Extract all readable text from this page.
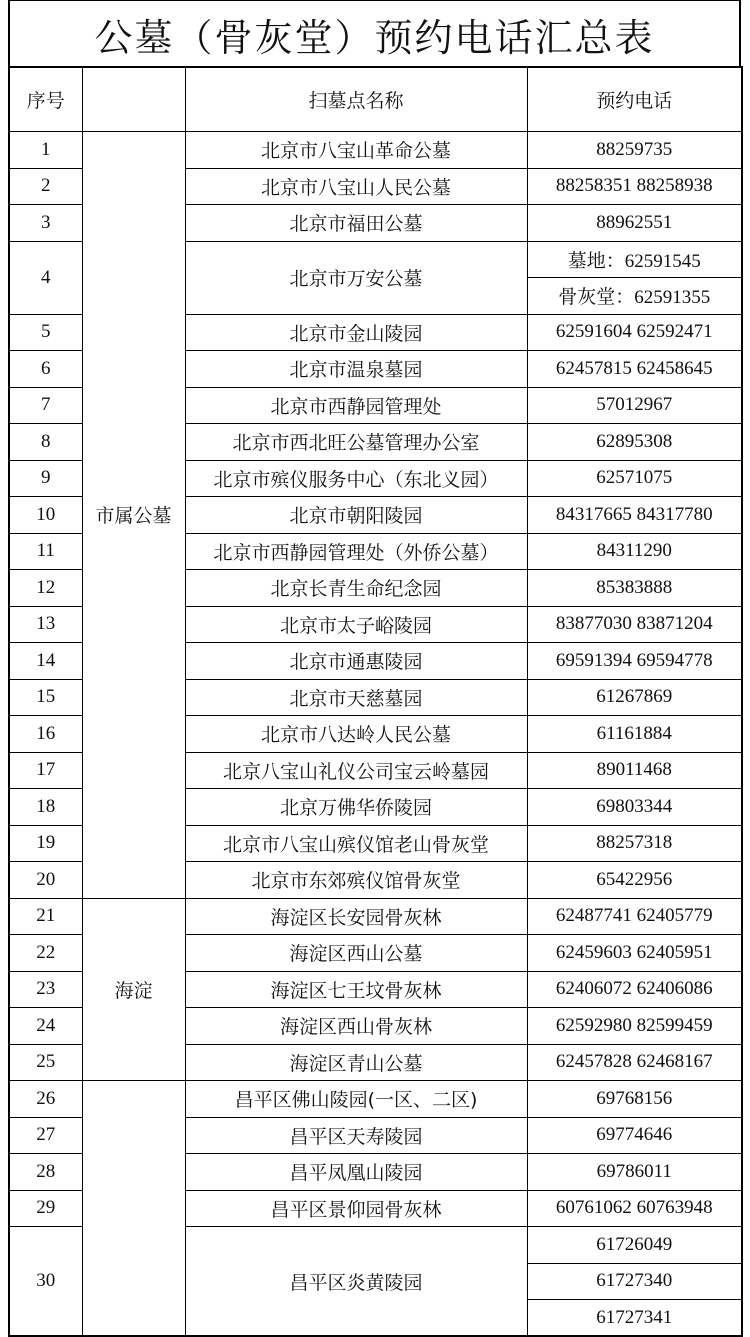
公墓（骨灰堂）预约电话汇总表
序号		扫墓点名称	预约电话
1	市属公墓	北京市八宝山革命公墓	88259735
2		北京市八宝山人民公墓	88258351 88258938
3		北京市福田公墓	88962551
4		北京市万安公墓	墓地：62591545
			骨灰堂：62591355
5		北京市金山陵园	62591604 62592471
6		北京市温泉墓园	62457815 62458645
7		北京市西静园管理处	57012967
8		北京市西北旺公墓管理办公室	62895308
9		北京市殡仪服务中心（东北义园）	62571075
10		北京市朝阳陵园	84317665 84317780
11		北京市西静园管理处（外侨公墓）	84311290
12		北京长青生命纪念园	85383888
13		北京市太子峪陵园	83877030 83871204
14		北京市通惠陵园	69591394 69594778
15		北京市天慈墓园	61267869
16		北京市八达岭人民公墓	61161884
17		北京八宝山礼仪公司宝云岭墓园	89011468
18		北京万佛华侨陵园	69803344
19		北京市八宝山殡仪馆老山骨灰堂	88257318
20		北京市东郊殡仪馆骨灰堂	65422956
21	海淀	海淀区长安园骨灰林	62487741 62405779
22		海淀区西山公墓	62459603 62405951
23		海淀区七王坟骨灰林	62406072 62406086
24		海淀区西山骨灰林	62592980 82599459
25		海淀区青山公墓	62457828 62468167
26		昌平区佛山陵园(一区、二区)	69768156
27		昌平区天寿陵园	69774646
28		昌平凤凰山陵园	69786011
29		昌平区景仰园骨灰林	60761062 60763948
30		昌平区炎黄陵园	61726049
			61727340
			61727341
